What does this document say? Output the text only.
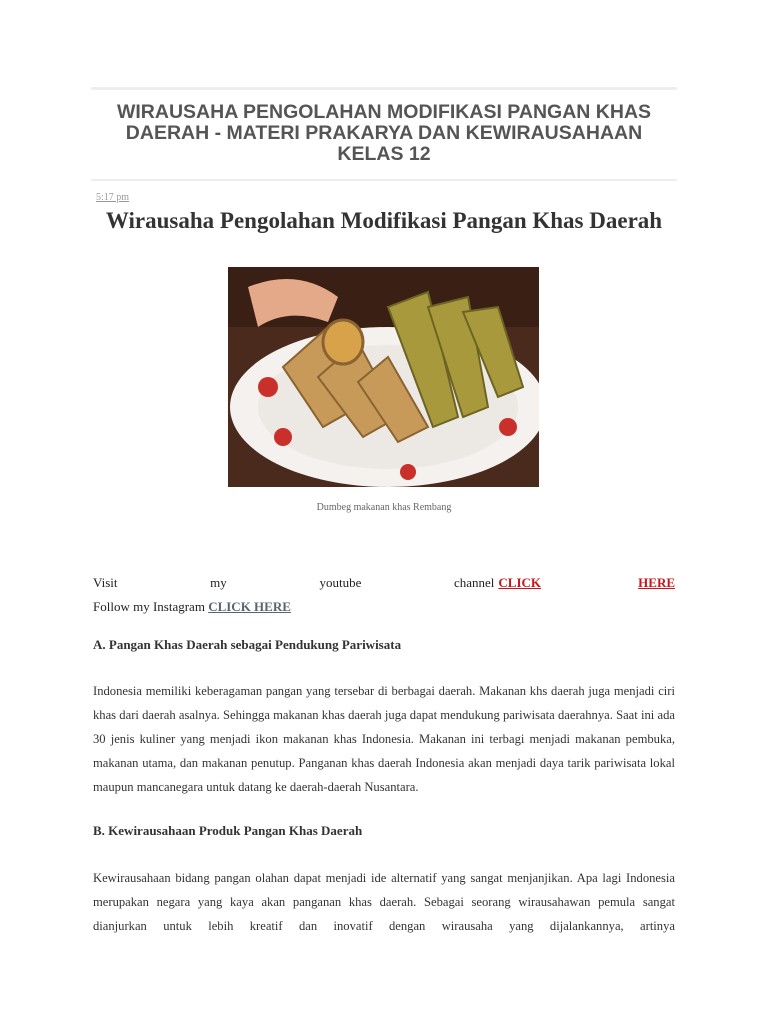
WIRAUSAHA PENGOLAHAN MODIFIKASI PANGAN KHAS DAERAH - MATERI PRAKARYA DAN KEWIRAUSAHAAN KELAS 12
5:17 pm
Wirausaha Pengolahan Modifikasi Pangan Khas Daerah
Dumbeg makanan khas Rembang
Visit	my	youtube	channel CLICK	HERE
Follow my Instagram CLICK HERE
A. Pangan Khas Daerah sebagai Pendukung Pariwisata
Indonesia memiliki keberagaman pangan yang tersebar di berbagai daerah. Makanan khs daerah juga menjadi ciri khas dari daerah asalnya. Sehingga makanan khas daerah juga dapat mendukung pariwisata daerahnya. Saat ini ada 30 jenis kuliner yang menjadi ikon makanan khas Indonesia. Makanan ini terbagi menjadi makanan pembuka, makanan utama, dan makanan penutup. Panganan khas daerah Indonesia akan menjadi daya tarik pariwisata lokal maupun mancanegara untuk datang ke daerah-daerah Nusantara.
B. Kewirausahaan Produk Pangan Khas Daerah
Kewirausahaan bidang pangan olahan dapat menjadi ide alternatif yang sangat menjanjikan. Apa lagi Indonesia merupakan negara yang kaya akan panganan khas daerah. Sebagai seorang wirausahawan pemula sangat dianjurkan untuk lebih kreatif dan inovatif dengan wirausaha yang dijalankannya, artinya
